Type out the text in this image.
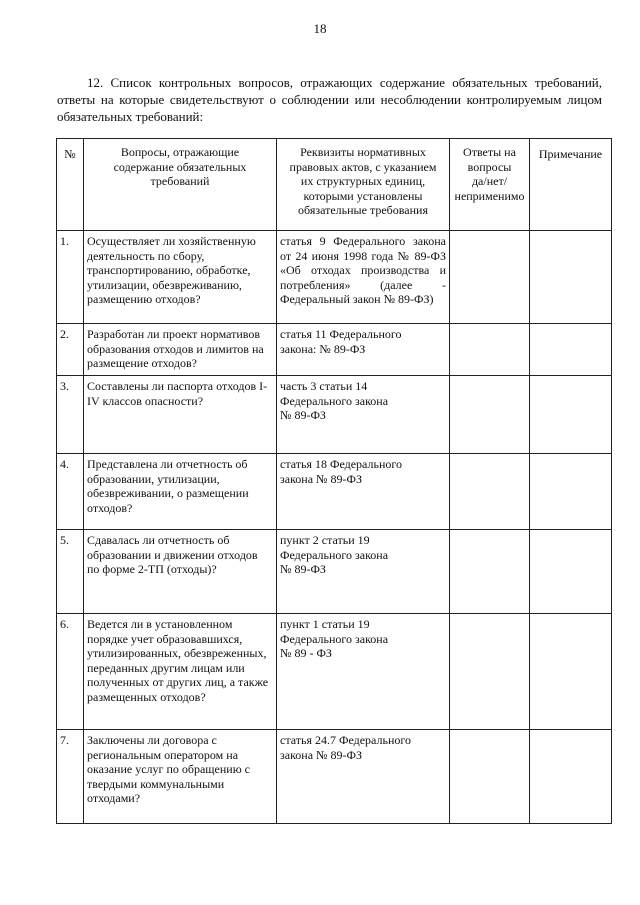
18

12. Список контрольных вопросов, отражающих содержание обязательных требований, ответы на которые свидетельствуют о соблюдении или несоблюдении контролируемым лицом обязательных требований:

№	Вопросы, отражающие
содержание обязательных
требований	Реквизиты нормативных
правовых актов, с указанием
их структурных единиц,
которыми установлены
обязательные требования	Ответы на
вопросы
да/нет/
неприменимо	Примечание

1.	Осуществляет ли хозяйственную деятельность по сбору, транспортированию, обработке, утилизации, обезвреживанию, размещению отходов?	статья 9 Федерального закона от 24 июня 1998 года № 89-ФЗ «Об отходах производства и потребления» (далее - Федеральный закон № 89-ФЗ)		

2.	Разработан ли проект нормативов образования отходов и лимитов на размещение отходов?	статья 11 Федерального
закона: № 89-ФЗ		

3.	Составлены ли паспорта отходов I-IV классов опасности?	часть 3 статьи 14
Федерального закона
№ 89-ФЗ		

4.	Представлена ли отчетность об образовании, утилизации, обезвреживании, о размещении отходов?	статья 18 Федерального
закона № 89-ФЗ		

5.	Сдавалась ли отчетность об образовании и движении отходов по форме 2-ТП (отходы)?	пункт 2 статьи 19
Федерального закона
№ 89-ФЗ		

6.	Ведется ли в установленном порядке учет образовавшихся, утилизированных, обезвреженных, переданных другим лицам или полученных от других лиц, а также размещенных отходов?	пункт 1 статьи 19
Федерального закона
№ 89 - ФЗ		

7.	Заключены ли договора с региональным оператором на оказание услуг по обращению с твердыми коммунальными отходами?	статья 24.7 Федерального
закона № 89-ФЗ		
